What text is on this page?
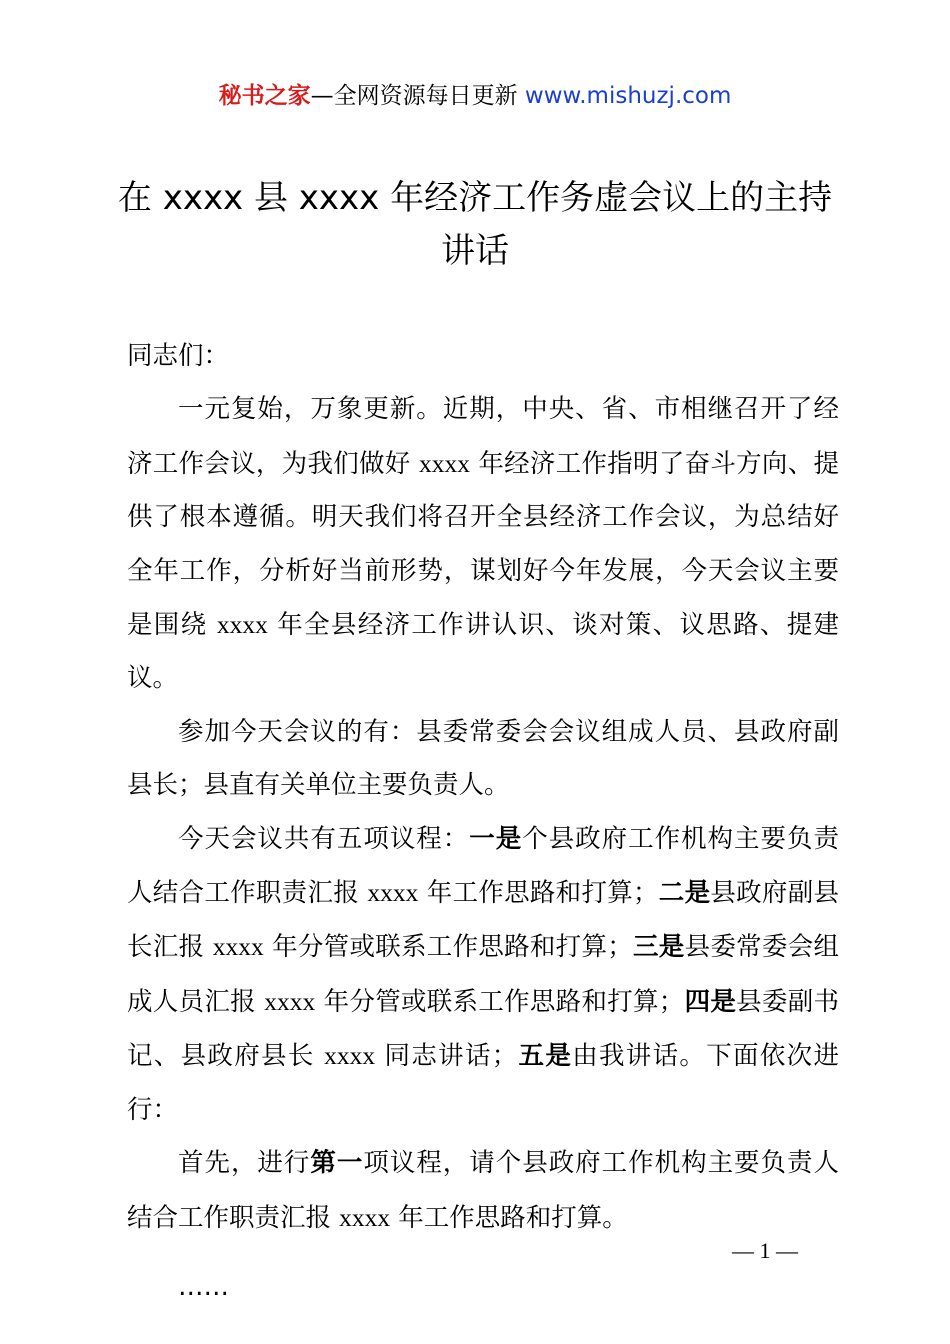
秘书之家—全网资源每日更新 www.mishuzj.com
在 xxxx 县 xxxx 年经济工作务虚会议上的主持
讲话

同志们：

一元复始，万象更新。近期，中央、省、市相继召开了经济工作会议，为我们做好 xxxx 年经济工作指明了奋斗方向、提供了根本遵循。明天我们将召开全县经济工作会议，为总结好全年工作，分析好当前形势，谋划好今年发展，今天会议主要是围绕 xxxx 年全县经济工作讲认识、谈对策、议思路、提建议。

参加今天会议的有：县委常委会会议组成人员、县政府副县长；县直有关单位主要负责人。

今天会议共有五项议程：一是个县政府工作机构主要负责人结合工作职责汇报 xxxx 年工作思路和打算；二是县政府副县长汇报 xxxx 年分管或联系工作思路和打算；三是县委常委会组成人员汇报 xxxx 年分管或联系工作思路和打算；四是县委副书记、县政府县长 xxxx 同志讲话；五是由我讲话。下面依次进行：

首先，进行第一项议程，请个县政府工作机构主要负责人结合工作职责汇报 xxxx 年工作思路和打算。

……

— 1 —
